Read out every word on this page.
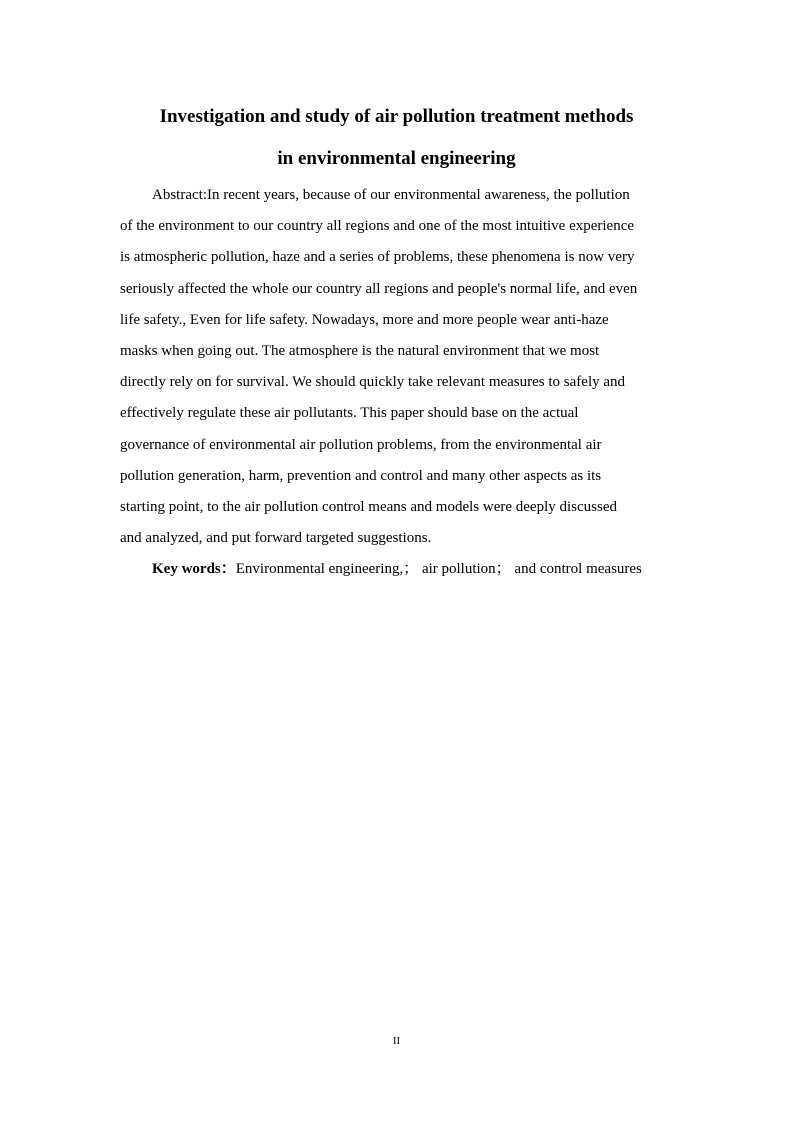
Investigation and study of air pollution treatment methods
in environmental engineering
Abstract:In recent years, because of our environmental awareness, the pollution
of the environment to our country all regions and one of the most intuitive experience
is atmospheric pollution, haze and a series of problems, these phenomena is now very
seriously affected the whole our country all regions and people's normal life, and even
life safety., Even for life safety. Nowadays, more and more people wear anti-haze
masks when going out. The atmosphere is the natural environment that we most
directly rely on for survival. We should quickly take relevant measures to safely and
effectively regulate these air pollutants. This paper should base on the actual
governance of environmental air pollution problems, from the environmental air
pollution generation, harm, prevention and control and many other aspects as its
starting point, to the air pollution control means and models were deeply discussed
and analyzed, and put forward targeted suggestions.
Key words：Environmental engineering,； air pollution； and control measures
II
